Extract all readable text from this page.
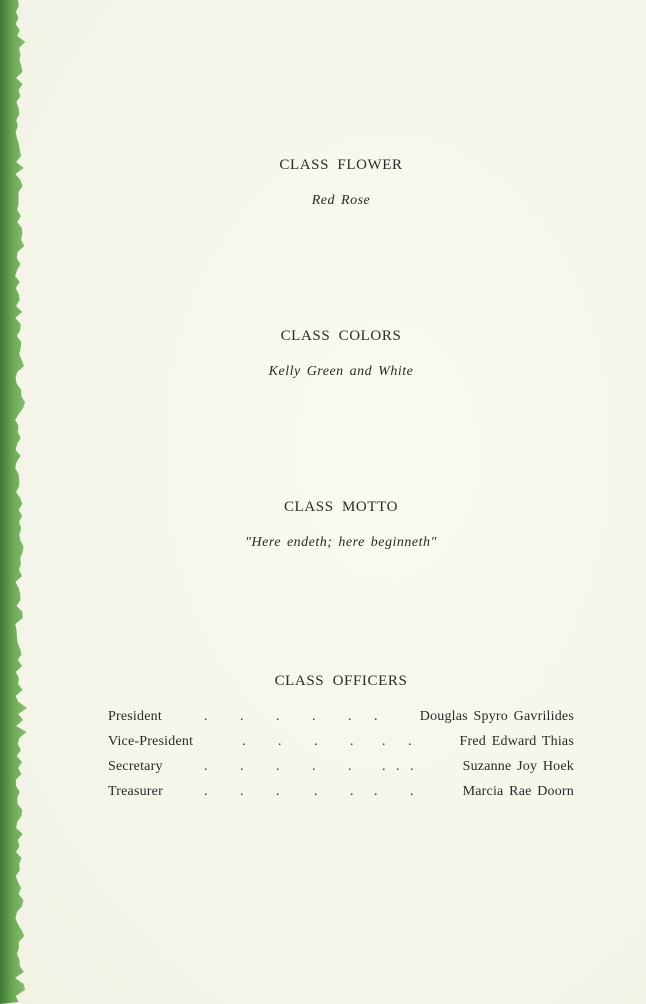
CLASS FLOWER
Red Rose
CLASS COLORS
Kelly Green and White
CLASS MOTTO
"Here endeth; here beginneth"
CLASS OFFICERS
President	. . . . . .	Douglas Spyro Gavrilides
Vice-President	. . . . . .	Fred Edward Thias
Secretary	. . . . . . . .	Suzanne Joy Hoek
Treasurer	. . . . . . .	Marcia Rae Doorn
